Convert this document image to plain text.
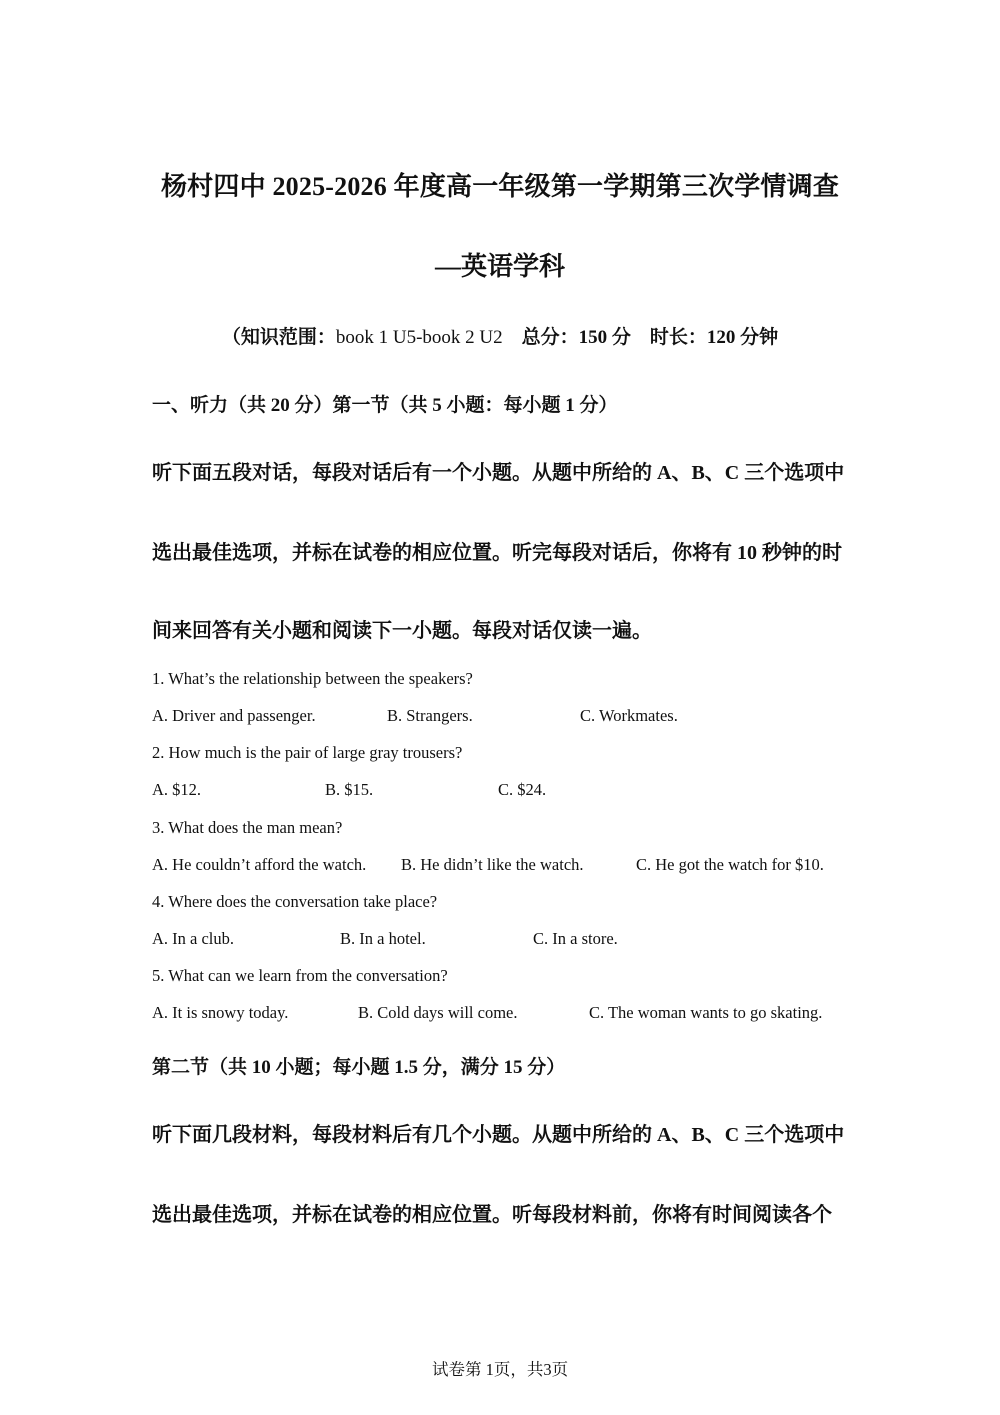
杨村四中 2025-2026 年度高一年级第一学期第三次学情调查
—英语学科
（知识范围：book 1 U5-book 2 U2 总分：150 分 时长：120 分钟
一、听力（共 20 分）第一节（共 5 小题：每小题 1 分）
听下面五段对话，每段对话后有一个小题。从题中所给的 A、B、C 三个选项中
选出最佳选项，并标在试卷的相应位置。听完每段对话后，你将有 10 秒钟的时
间来回答有关小题和阅读下一小题。每段对话仅读一遍。
1. What’s the relationship between the speakers?
A. Driver and passenger.	B. Strangers.	C. Workmates.
2. How much is the pair of large gray trousers?
A. $12.	B. $15.	C. $24.
3. What does the man mean?
A. He couldn’t afford the watch. B. He didn’t like the watch.	C. He got the watch for $10.
4. Where does the conversation take place?
A. In a club.	B. In a hotel.	C. In a store.
5. What can we learn from the conversation?
A. It is snowy today.	B. Cold days will come.	C. The woman wants to go skating.
第二节（共 10 小题；每小题 1.5 分，满分 15 分）
听下面几段材料，每段材料后有几个小题。从题中所给的 A、B、C 三个选项中
选出最佳选项，并标在试卷的相应位置。听每段材料前，你将有时间阅读各个
试卷第 1页，共3页
